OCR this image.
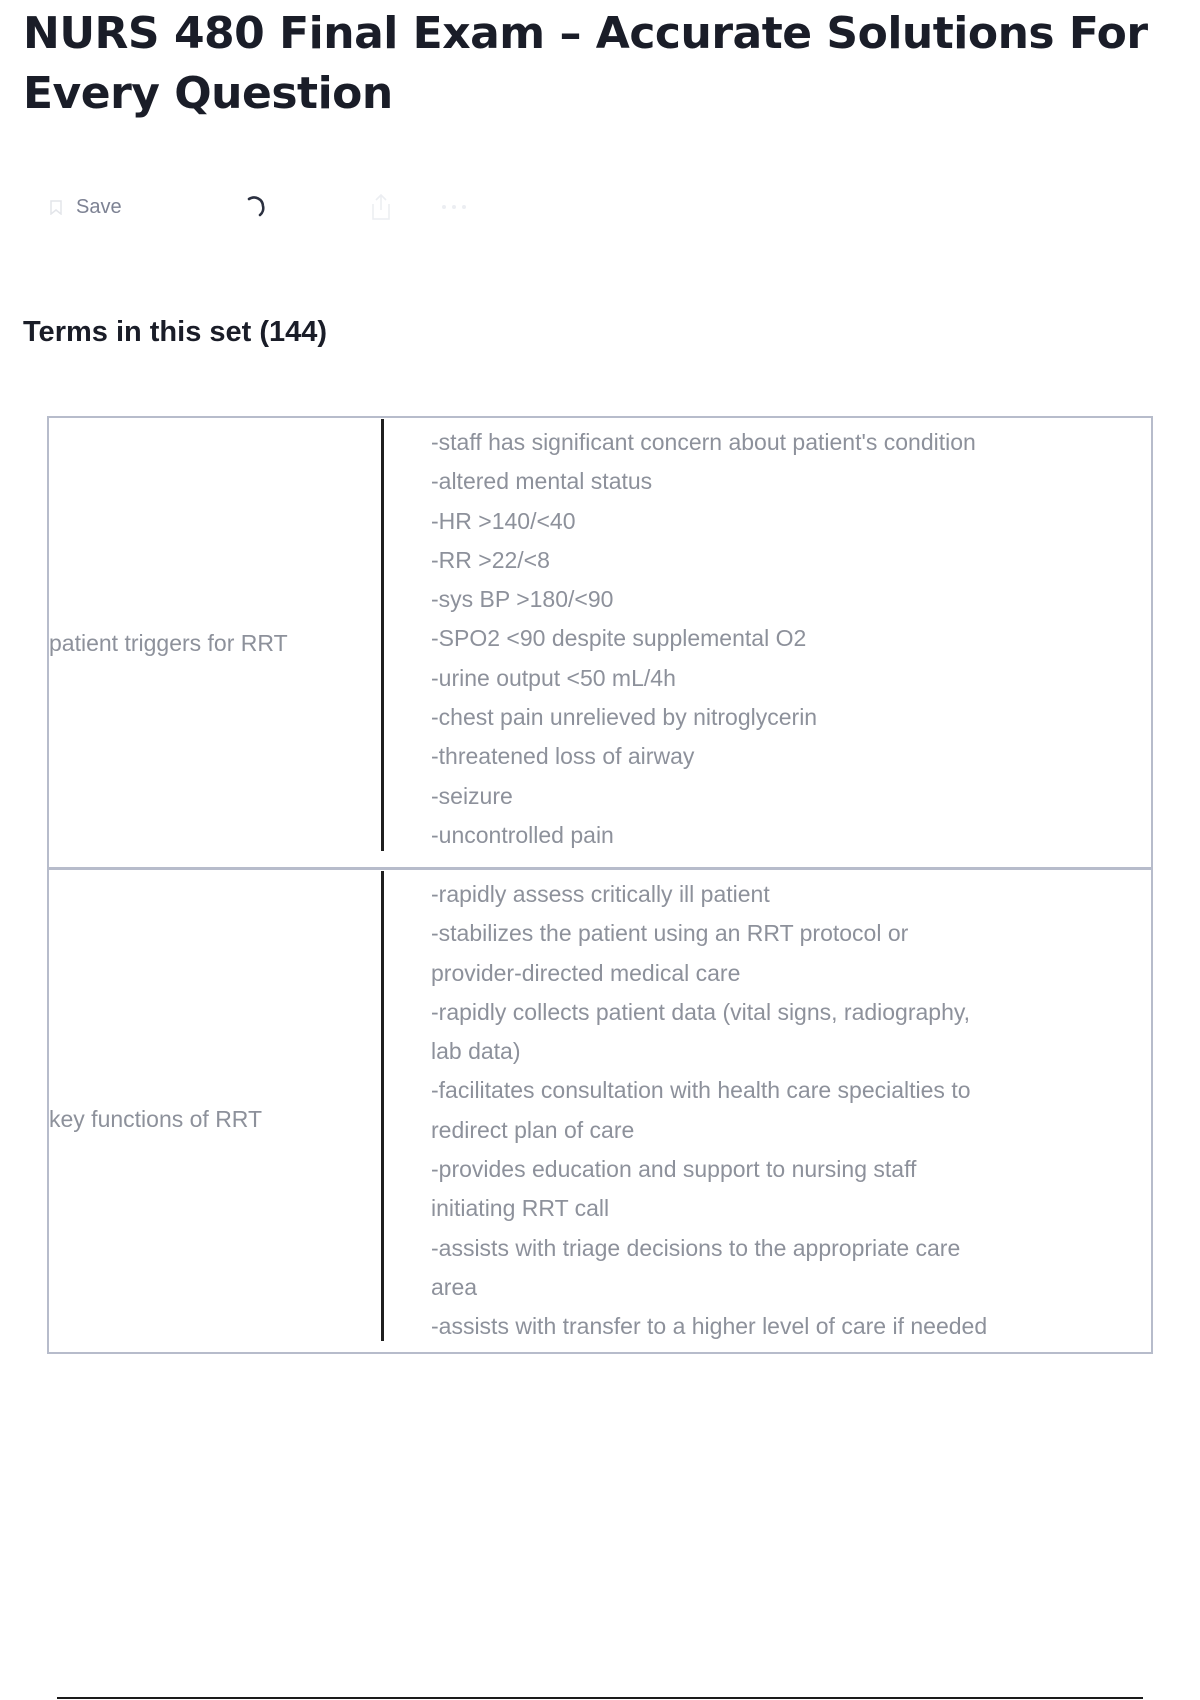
NURS 480 Final Exam – Accurate Solutions For Every Question
Save
Terms in this set (144)
patient triggers for RRT
-staff has significant concern about patient's condition
-altered mental status
-HR >140/<40
-RR >22/<8
-sys BP >180/<90
-SPO2 <90 despite supplemental O2
-urine output <50 mL/4h
-chest pain unrelieved by nitroglycerin
-threatened loss of airway
-seizure
-uncontrolled pain
key functions of RRT
-rapidly assess critically ill patient
-stabilizes the patient using an RRT protocol or
provider-directed medical care
-rapidly collects patient data (vital signs, radiography,
lab data)
-facilitates consultation with health care specialties to
redirect plan of care
-provides education and support to nursing staff
initiating RRT call
-assists with triage decisions to the appropriate care
area
-assists with transfer to a higher level of care if needed
